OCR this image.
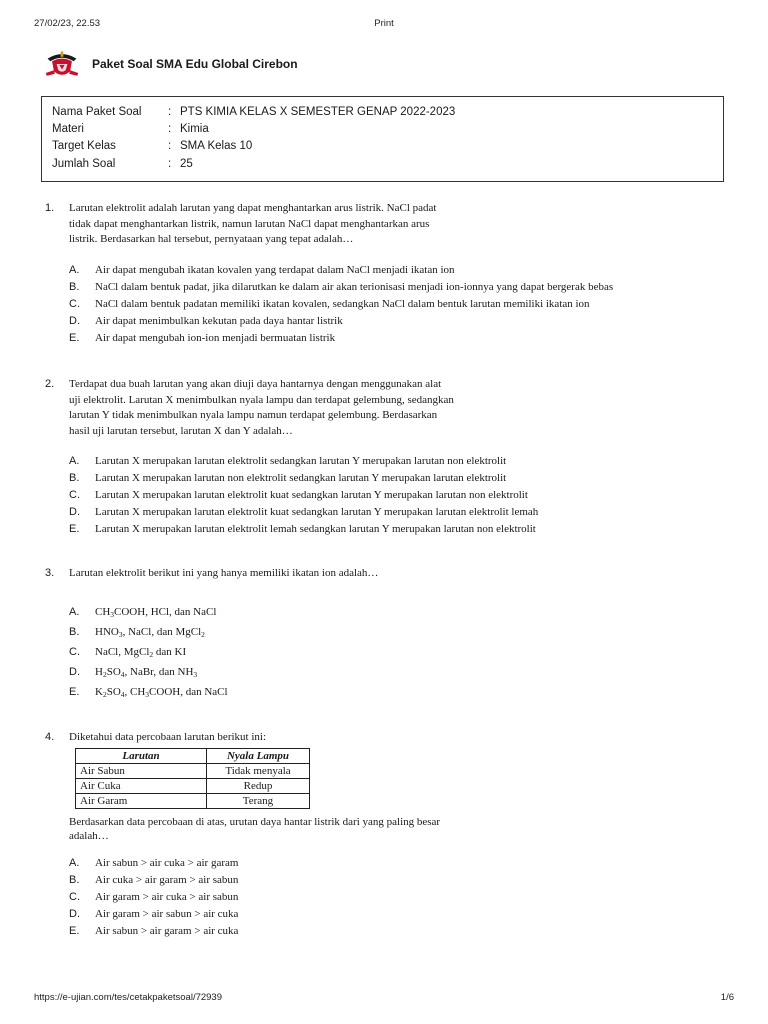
27/02/23, 22.53	Print
Paket Soal SMA Edu Global Cirebon
Nama Paket Soal	: PTS KIMIA KELAS X SEMESTER GENAP 2022-2023
Materi	: Kimia
Target Kelas	: SMA Kelas 10
Jumlah Soal	: 25
1.	Larutan elektrolit adalah larutan yang dapat menghantarkan arus listrik. NaCl padat
tidak dapat menghantarkan listrik, namun larutan NaCl dapat menghantarkan arus
listrik. Berdasarkan hal tersebut, pernyataan yang tepat adalah…
A.	Air dapat mengubah ikatan kovalen yang terdapat dalam NaCl menjadi ikatan ion
B.	NaCl dalam bentuk padat, jika dilarutkan ke dalam air akan terionisasi menjadi ion-ionnya yang dapat bergerak bebas
C.	NaCl dalam bentuk padatan memiliki ikatan kovalen, sedangkan NaCl dalam bentuk larutan memiliki ikatan ion
D.	Air dapat menimbulkan kekutan pada daya hantar listrik
E.	Air dapat mengubah ion-ion menjadi bermuatan listrik
2.	Terdapat dua buah larutan yang akan diuji daya hantarnya dengan menggunakan alat
uji elektrolit. Larutan X menimbulkan nyala lampu dan terdapat gelembung, sedangkan
larutan Y tidak menimbulkan nyala lampu namun terdapat gelembung. Berdasarkan
hasil uji larutan tersebut, larutan X dan Y adalah…
A.	Larutan X merupakan larutan elektrolit sedangkan larutan Y merupakan larutan non elektrolit
B.	Larutan X merupakan larutan non elektrolit sedangkan larutan Y merupakan larutan elektrolit
C.	Larutan X merupakan larutan elektrolit kuat sedangkan larutan Y merupakan larutan non elektrolit
D.	Larutan X merupakan larutan elektrolit kuat sedangkan larutan Y merupakan larutan elektrolit lemah
E.	Larutan X merupakan larutan elektrolit lemah sedangkan larutan Y merupakan larutan non elektrolit
3.	Larutan elektrolit berikut ini yang hanya memiliki ikatan ion adalah…
A.	$CH_3COOH$, HCl, dan NaCl
B.	$HNO_3$, NaCl, dan MgCl$_2$
C.	NaCl, MgCl$_2$ dan KI
D.	$H_2SO_4$, NaBr, dan $NH_3$
E.	$K_2SO_4$, $CH_3COOH$, dan NaCl
4.	Diketahui data percobaan larutan berikut ini:
Larutan	Nyala Lampu
Air Sabun	Tidak menyala
Air Cuka	Redup
Air Garam	Terang
Berdasarkan data percobaan di atas, urutan daya hantar listrik dari yang paling besar
adalah…
A.	Air sabun > air cuka > air garam
B.	Air cuka > air garam > air sabun
C.	Air garam > air cuka > air sabun
D.	Air garam > air sabun > air cuka
E.	Air sabun > air garam > air cuka
https://e-ujian.com/tes/cetakpaketsoal/72939	1/6
